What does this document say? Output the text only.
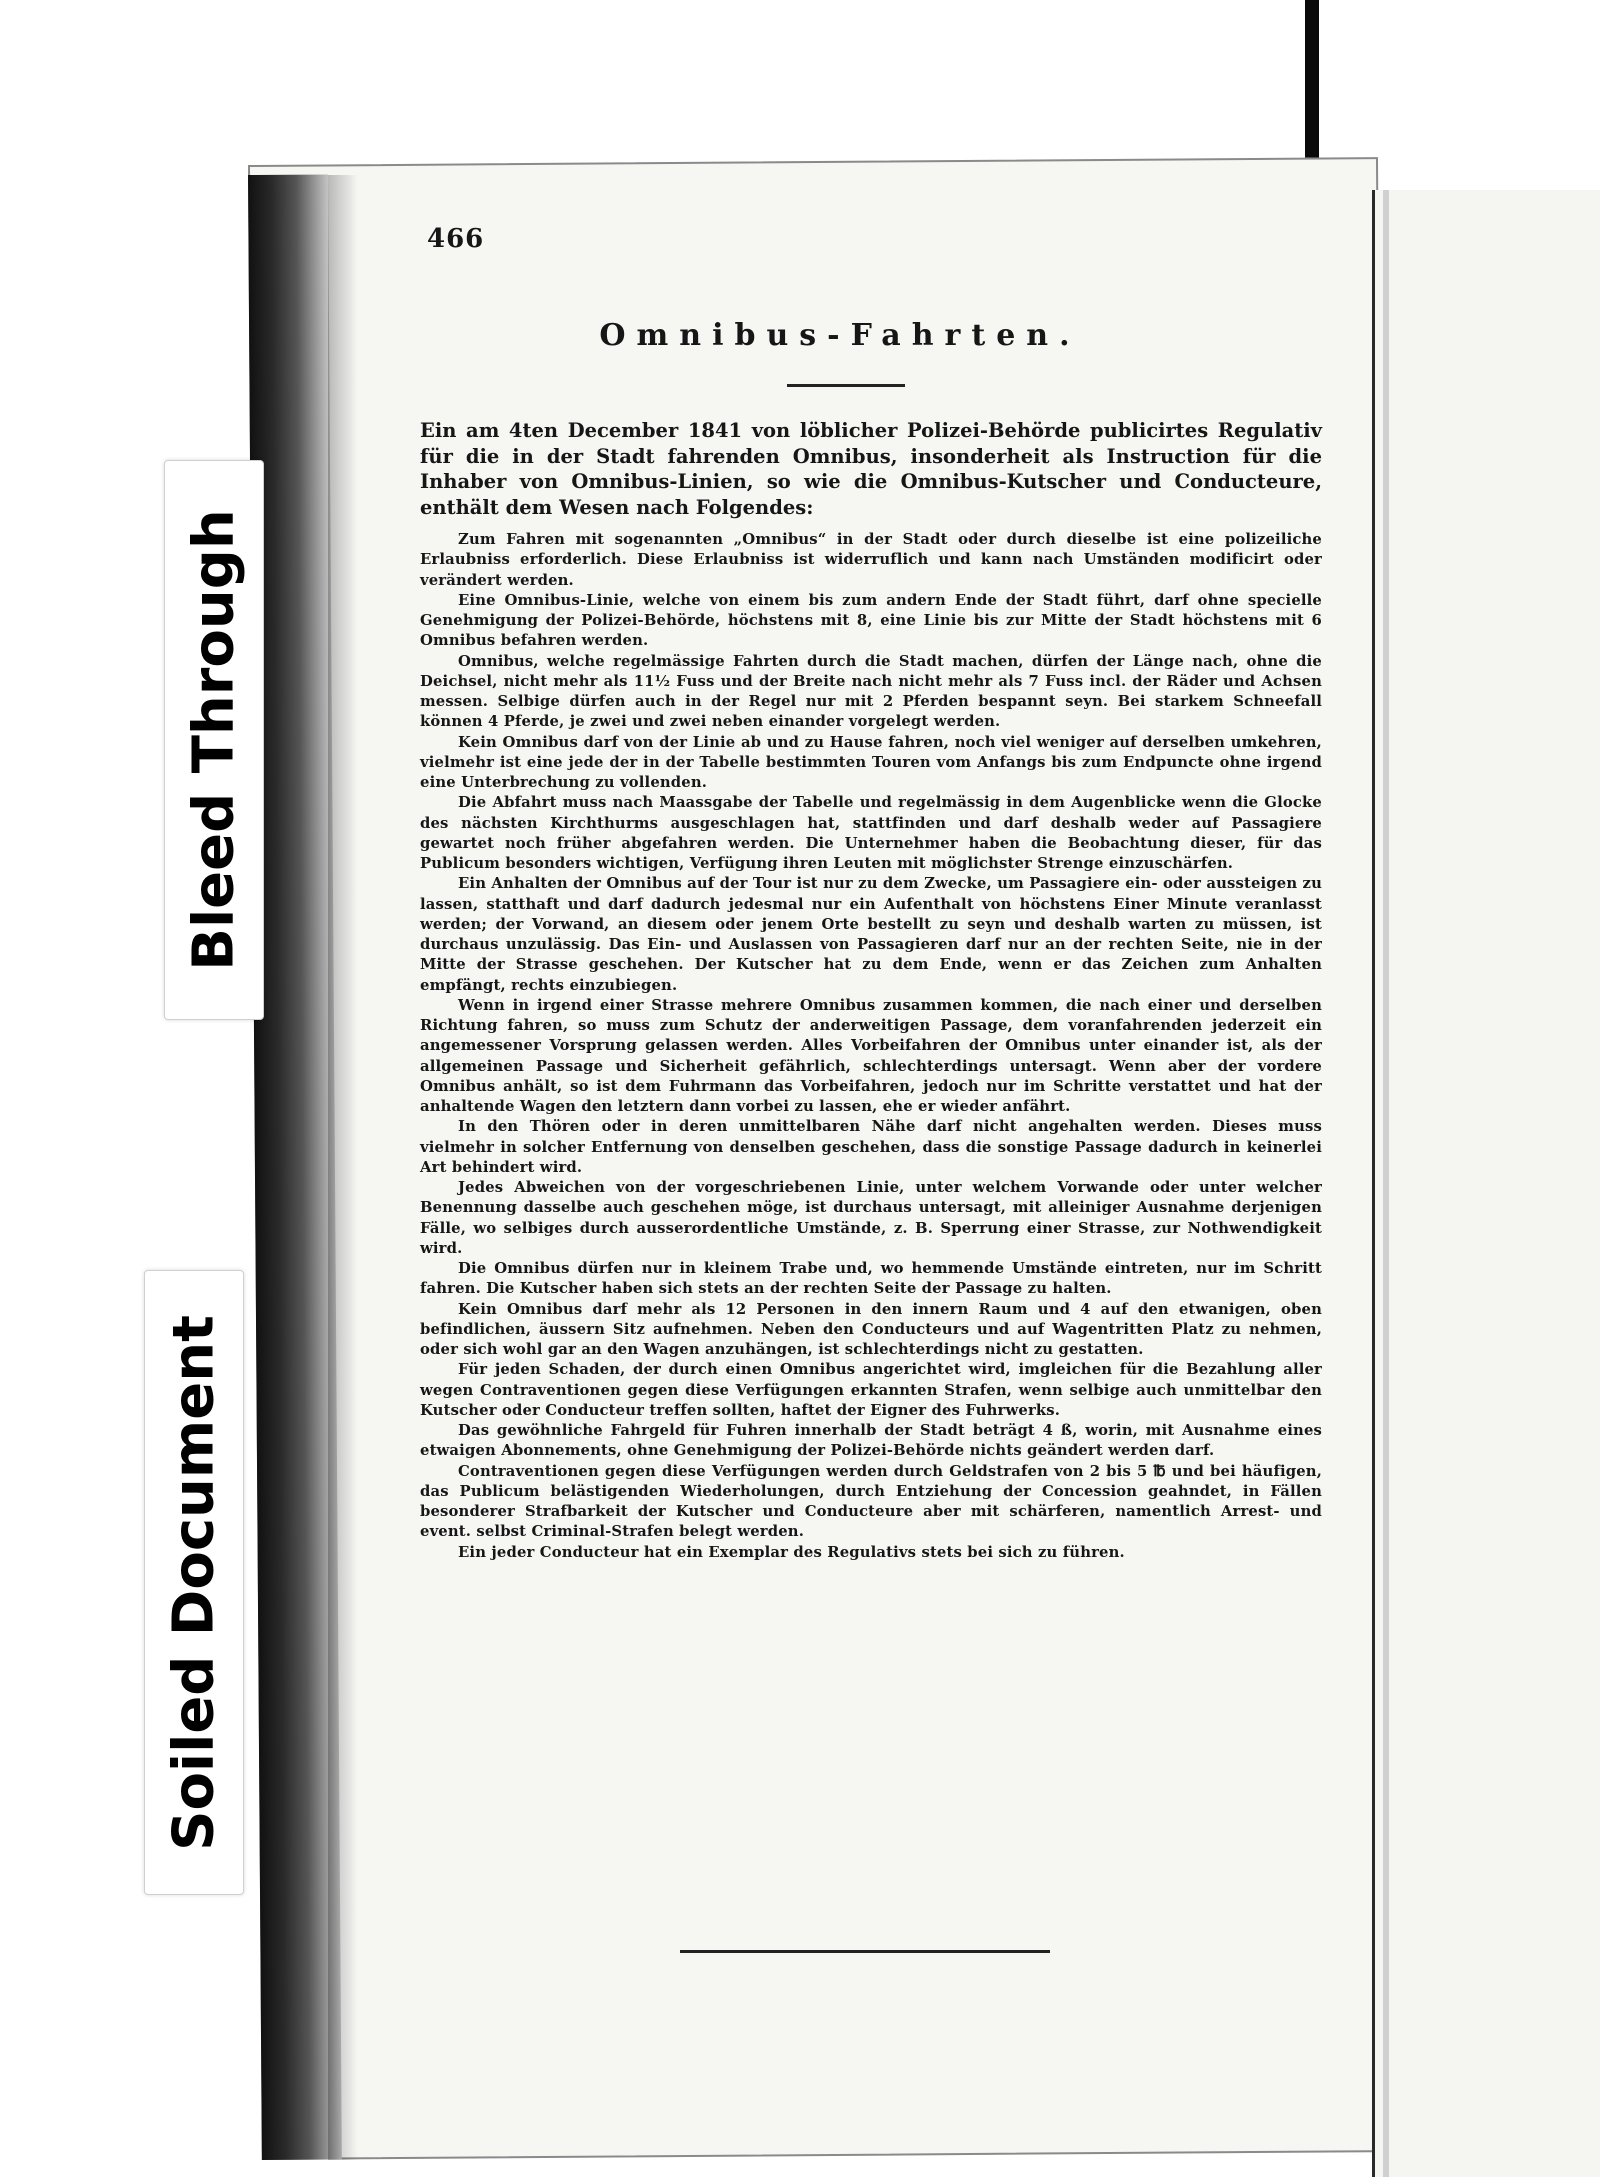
466
Omnibus-Fahrten.

Ein am 4ten December 1841 von löblicher Polizei-Behörde publicirtes Regulativ für die in der Stadt fahrenden Omnibus, insonderheit als Instruction für die Inhaber von Omnibus-Linien, so wie die Omnibus-Kutscher und Conducteure, enthält dem Wesen nach Folgendes:

Zum Fahren mit sogenannten „Omnibus“ in der Stadt oder durch dieselbe ist eine polizeiliche Erlaubniss erforderlich. Diese Erlaubniss ist widerruflich und kann nach Umständen modificirt oder verändert werden.

Eine Omnibus-Linie, welche von einem bis zum andern Ende der Stadt führt, darf ohne specielle Genehmigung der Polizei-Behörde, höchstens mit 8, eine Linie bis zur Mitte der Stadt höchstens mit 6 Omnibus befahren werden.

Omnibus, welche regelmässige Fahrten durch die Stadt machen, dürfen der Länge nach, ohne die Deichsel, nicht mehr als 11½ Fuss und der Breite nach nicht mehr als 7 Fuss incl. der Räder und Achsen messen. Selbige dürfen auch in der Regel nur mit 2 Pferden bespannt seyn. Bei starkem Schneefall können 4 Pferde, je zwei und zwei neben einander vorgelegt werden.

Kein Omnibus darf von der Linie ab und zu Hause fahren, noch viel weniger auf derselben umkehren, vielmehr ist eine jede der in der Tabelle bestimmten Touren vom Anfangs bis zum Endpuncte ohne irgend eine Unterbrechung zu vollenden.

Die Abfahrt muss nach Maassgabe der Tabelle und regelmässig in dem Augenblicke wenn die Glocke des nächsten Kirchthurms ausgeschlagen hat, stattfinden und darf deshalb weder auf Passagiere gewartet noch früher abgefahren werden. Die Unternehmer haben die Beobachtung dieser, für das Publicum besonders wichtigen, Verfügung ihren Leuten mit möglichster Strenge einzuschärfen.

Ein Anhalten der Omnibus auf der Tour ist nur zu dem Zwecke, um Passagiere ein- oder aussteigen zu lassen, statthaft und darf dadurch jedesmal nur ein Aufenthalt von höchstens Einer Minute veranlasst werden; der Vorwand, an diesem oder jenem Orte bestellt zu seyn und deshalb warten zu müssen, ist durchaus unzulässig. Das Ein- und Auslassen von Passagieren darf nur an der rechten Seite, nie in der Mitte der Strasse geschehen. Der Kutscher hat zu dem Ende, wenn er das Zeichen zum Anhalten empfängt, rechts einzubiegen.

Wenn in irgend einer Strasse mehrere Omnibus zusammen kommen, die nach einer und derselben Richtung fahren, so muss zum Schutz der anderweitigen Passage, dem voranfahrenden jederzeit ein angemessener Vorsprung gelassen werden. Alles Vorbeifahren der Omnibus unter einander ist, als der allgemeinen Passage und Sicherheit gefährlich, schlechterdings untersagt. Wenn aber der vordere Omnibus anhält, so ist dem Fuhrmann das Vorbeifahren, jedoch nur im Schritte verstattet und hat der anhaltende Wagen den letztern dann vorbei zu lassen, ehe er wieder anfährt.

In den Thören oder in deren unmittelbaren Nähe darf nicht angehalten werden. Dieses muss vielmehr in solcher Entfernung von denselben geschehen, dass die sonstige Passage dadurch in keinerlei Art behindert wird.

Jedes Abweichen von der vorgeschriebenen Linie, unter welchem Vorwande oder unter welcher Benennung dasselbe auch geschehen möge, ist durchaus untersagt, mit alleiniger Ausnahme derjenigen Fälle, wo selbiges durch ausserordentliche Umstände, z. B. Sperrung einer Strasse, zur Nothwendigkeit wird.

Die Omnibus dürfen nur in kleinem Trabe und, wo hemmende Umstände eintreten, nur im Schritt fahren. Die Kutscher haben sich stets an der rechten Seite der Passage zu halten.

Kein Omnibus darf mehr als 12 Personen in den innern Raum und 4 auf den etwanigen, oben befindlichen, äussern Sitz aufnehmen. Neben den Conducteurs und auf Wagentritten Platz zu nehmen, oder sich wohl gar an den Wagen anzuhängen, ist schlechterdings nicht zu gestatten.

Für jeden Schaden, der durch einen Omnibus angerichtet wird, imgleichen für die Bezahlung aller wegen Contraventionen gegen diese Verfügungen erkannten Strafen, wenn selbige auch unmittelbar den Kutscher oder Conducteur treffen sollten, haftet der Eigner des Fuhrwerks.

Das gewöhnliche Fahrgeld für Fuhren innerhalb der Stadt beträgt 4 ß, worin, mit Ausnahme eines etwaigen Abonnements, ohne Genehmigung der Polizei-Behörde nichts geändert werden darf.

Contraventionen gegen diese Verfügungen werden durch Geldstrafen von 2 bis 5 ℔ und bei häufigen, das Publicum belästigenden Wiederholungen, durch Entziehung der Concession geahndet, in Fällen besonderer Strafbarkeit der Kutscher und Conducteure aber mit schärferen, namentlich Arrest- und event. selbst Criminal-Strafen belegt werden.

Ein jeder Conducteur hat ein Exemplar des Regulativs stets bei sich zu führen.

Bleed Through
Soiled Document
